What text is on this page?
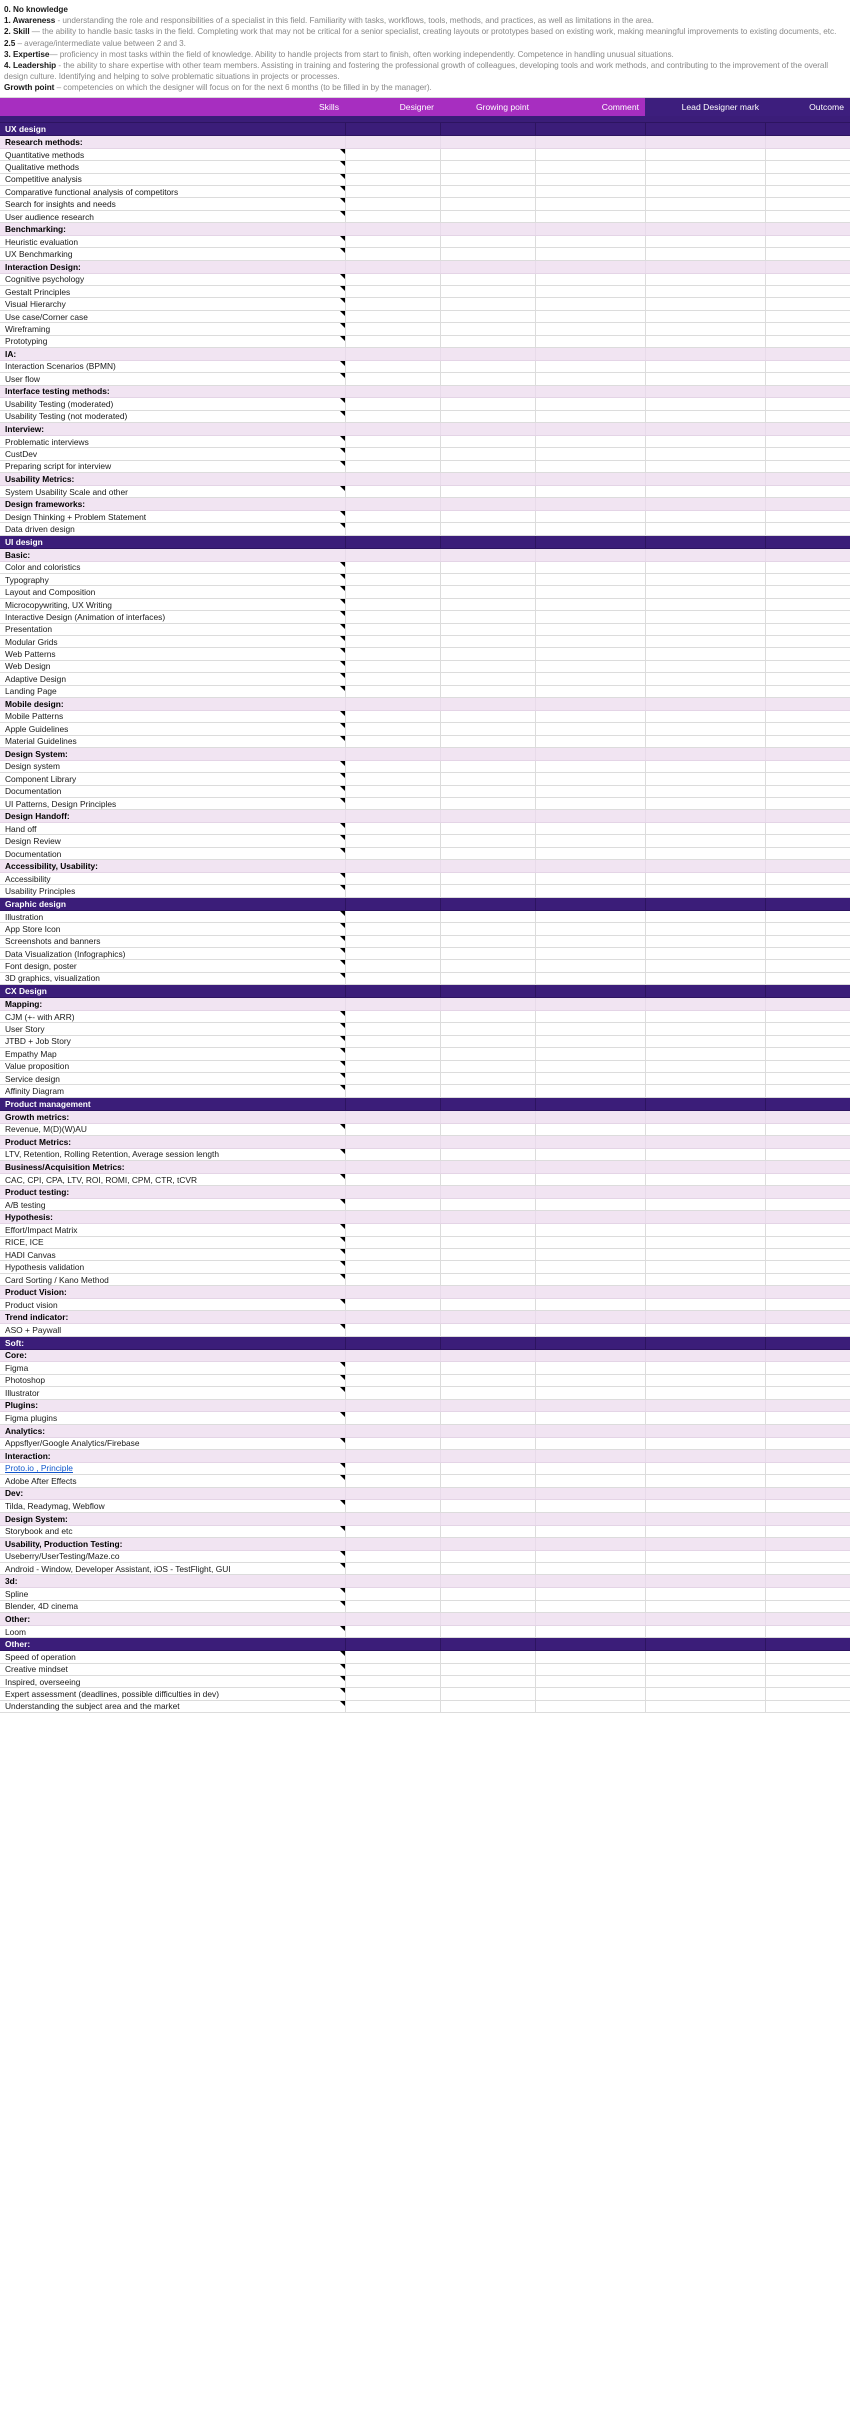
0. No knowledge
1. Awareness - understanding the role and responsibilities of a specialist in this field. Familiarity with tasks, workflows, tools, methods, and practices, as well as limitations in the area.
2. Skill — the ability to handle basic tasks in the field. Completing work that may not be critical for a senior specialist, creating layouts or prototypes based on existing work, making meaningful improvements to existing documents, etc.
2.5 – average/intermediate value between 2 and 3.
3. Expertise— proficiency in most tasks within the field of knowledge. Ability to handle projects from start to finish, often working independently. Competence in handling unusual situations.
4. Leadership - the ability to share expertise with other team members. Assisting in training and fostering the professional growth of colleagues, developing tools and work methods, and contributing to the improvement of the overall design culture. Identifying and helping to solve problematic situations in projects or processes.
Growth point – competencies on which the designer will focus on for the next 6 months (to be filled in by the manager).
Skills	Designer	Growing point	Comment	Lead Designer mark	Outcome

UX design					
Research methods:					
Quantitative methods

Qualitative methods

Competitive analysis

Comparative functional analysis of competitors

Search for insights and needs

User audience research

Benchmarking:					
Heuristic evaluation

UX Benchmarking

Interaction Design:					
Cognitive psychology

Gestalt Principles

Visual Hierarchy

Use case/Corner case

Wireframing

Prototyping

IA:					
Interaction Scenarios (BPMN)

User flow

Interface testing methods:					
Usability Testing (moderated)

Usability Testing (not moderated)

Interview:					
Problematic interviews

CustDev

Preparing script for interview

Usability Metrics:					
System Usability Scale and other

Design frameworks:					
Design Thinking + Problem Statement

Data driven design

UI design					
Basic:					
Color and coloristics

Typography

Layout and Composition

Microcopywriting, UX Writing

Interactive Design (Animation of interfaces)

Presentation

Modular Grids

Web Patterns

Web Design

Adaptive Design

Landing Page

Mobile design:					
Mobile Patterns

Apple Guidelines

Material Guidelines

Design System:					
Design system

Component Library

Documentation

UI Patterns, Design Principles

Design Handoff:					
Hand off

Design Review

Documentation

Accessibility, Usability:					
Accessibility

Usability Principles

Graphic design					
Illustration

App Store Icon

Screenshots and banners

Data Visualization (Infographics)

Font design, poster

3D graphics, visualization

CX Design					
Mapping:					
CJM (+- with ARR)

User Story

JTBD + Job Story

Empathy Map

Value proposition

Service design

Affinity Diagram

Product management					
Growth metrics:					
Revenue, M(D)(W)AU

Product Metrics:					
LTV, Retention, Rolling Retention, Average session length

Business/Acquisition Metrics:					
CAC, CPI, CPA, LTV, ROI, ROMI, CPM, CTR, tCVR

Product testing:					
A/B testing

Hypothesis:					
Effort/Impact Matrix

RICE, ICE

HADI Canvas

Hypothesis validation

Card Sorting / Kano Method

Product Vision:					
Product vision

Trend indicator:					
ASO + Paywall

Soft:					
Core:					
Figma

Photoshop

Illustrator

Plugins:					
Figma plugins

Analytics:					
Appsflyer/Google Analytics/Firebase

Interaction:					
Proto.io , Principle

Adobe After Effects

Dev:					
Tilda, Readymag, Webflow

Design System:					
Storybook and etc

Usability, Production Testing:					
Useberry/UserTesting/Maze.co

Android - Window, Developer Assistant, iOS - TestFlight, GUI

3d:					
Spline

Blender, 4D cinema

Other:					
Loom

Other:					
Speed of operation

Creative mindset

Inspired, overseeing

Expert assessment (deadlines, possible difficulties in dev)

Understanding the subject area and the market
